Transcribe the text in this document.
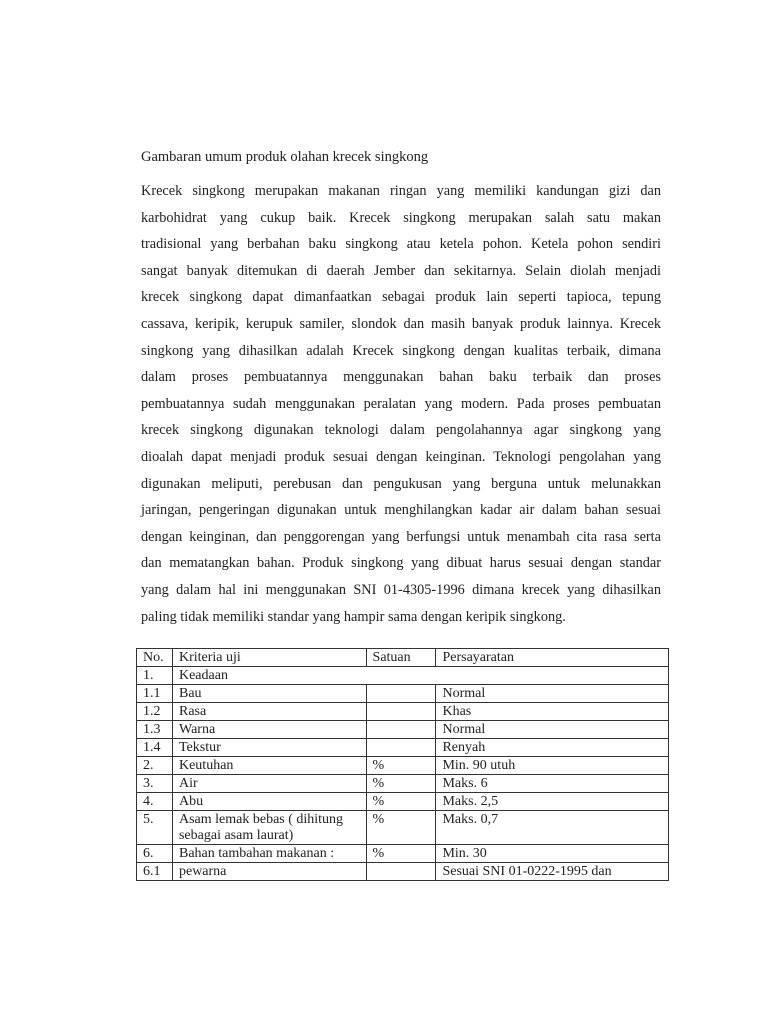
Gambaran umum produk olahan krecek singkong
Krecek singkong merupakan makanan ringan yang memiliki kandungan gizi dan
karbohidrat yang cukup baik. Krecek singkong merupakan salah satu makan
tradisional yang berbahan baku singkong atau ketela pohon. Ketela pohon sendiri
sangat banyak ditemukan di daerah Jember dan sekitarnya. Selain diolah menjadi
krecek singkong dapat dimanfaatkan sebagai produk lain seperti tapioca, tepung
cassava, keripik, kerupuk samiler, slondok dan masih banyak produk lainnya. Krecek
singkong yang dihasilkan adalah Krecek singkong dengan kualitas terbaik, dimana
dalam proses pembuatannya menggunakan bahan baku terbaik dan proses
pembuatannya sudah menggunakan peralatan yang modern. Pada proses pembuatan
krecek singkong digunakan teknologi dalam pengolahannya agar singkong yang
dioalah dapat menjadi produk sesuai dengan keinginan. Teknologi pengolahan yang
digunakan meliputi, perebusan dan pengukusan yang berguna untuk melunakkan
jaringan, pengeringan digunakan untuk menghilangkan kadar air dalam bahan sesuai
dengan keinginan, dan penggorengan yang berfungsi untuk menambah cita rasa serta
dan mematangkan bahan. Produk singkong yang dibuat harus sesuai dengan standar
yang dalam hal ini menggunakan SNI 01-4305-1996 dimana krecek yang dihasilkan
paling tidak memiliki standar yang hampir sama dengan keripik singkong.
No.	Kriteria uji	Satuan	Persayaratan
1.	Keadaan		
1.1	Bau		Normal
1.2	Rasa		Khas
1.3	Warna		Normal
1.4	Tekstur		Renyah
2.	Keutuhan	%	Min. 90 utuh
3.	Air	%	Maks. 6
4.	Abu	%	Maks. 2,5
5.	Asam lemak bebas ( dihitung sebagai asam laurat)	%	Maks. 0,7
6.	Bahan tambahan makanan :	%	Min. 30
6.1	pewarna		Sesuai SNI 01-0222-1995 dan
